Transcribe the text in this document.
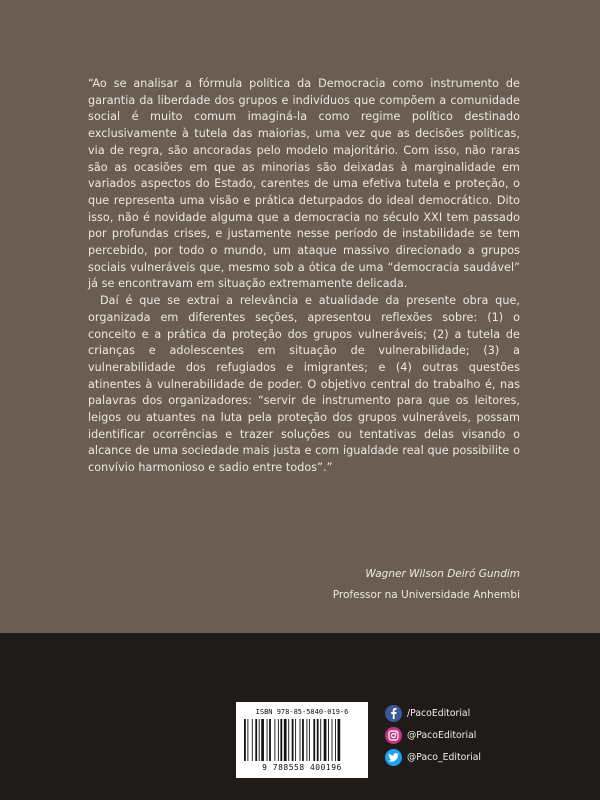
“Ao se analisar a fórmula política da Democracia como instrumento de garantia da liberdade dos grupos e indivíduos que compõem a comunidade social é muito comum imaginá-la como regime político destinado exclusivamente à tutela das maiorias, uma vez que as decisões políticas, via de regra, são ancoradas pelo modelo majoritário. Com isso, não raras são as ocasiões em que as minorias são deixadas à marginalidade em variados aspectos do Estado, carentes de uma efetiva tutela e proteção, o que representa uma visão e prática deturpados do ideal democrático. Dito isso, não é novidade alguma que a democracia no século XXI tem passado por profundas crises, e justamente nesse período de instabilidade se tem percebido, por todo o mundo, um ataque massivo direcionado a grupos sociais vulneráveis que, mesmo sob a ótica de uma “democracia saudável” já se encontravam em situação extremamente delicada.

Daí é que se extrai a relevância e atualidade da presente obra que, organizada em diferentes seções, apresentou reflexões sobre: (1) o conceito e a prática da proteção dos grupos vulneráveis; (2) a tutela de crianças e adolescentes em situação de vulnerabilidade; (3) a vulnerabilidade dos refugiados e imigrantes; e (4) outras questões atinentes à vulnerabilidade de poder. O objetivo central do trabalho é, nas palavras dos organizadores: “servir de instrumento para que os leitores, leigos ou atuantes na luta pela proteção dos grupos vulneráveis, possam identificar ocorrências e trazer soluções ou tentativas delas visando o alcance de uma sociedade mais justa e com igualdade real que possibilite o convívio harmonioso e sadio entre todos”.”

Wagner Wilson Deiró Gundim
Professor na Universidade Anhembi
ISBN 978-85-5840-019-6
9 788558 400196
/PacoEditorial
@PacoEditorial
@Paco_Editorial
